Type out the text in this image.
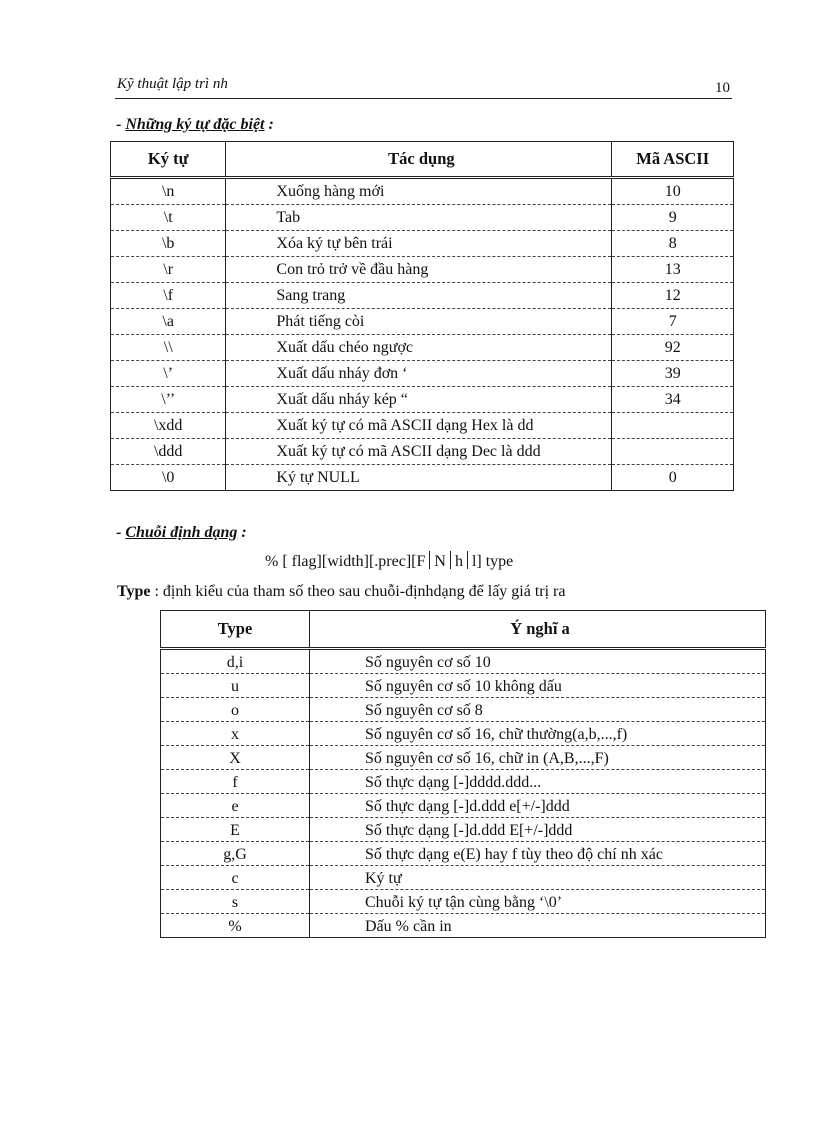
Kỹ thuật lập trì nh	10
- Những ký tự đặc biệt :
Ký tự	Tác dụng	Mã ASCII
\n	Xuống hàng mới	10
\t	Tab	9
\b	Xóa ký tự bên trái	8
\r	Con trỏ trở về đầu hàng	13
\f	Sang trang	12
\a	Phát tiếng còi	7
\\	Xuất dấu chéo ngược	92
\’	Xuất dấu nháy đơn ‘	39
\’’	Xuất dấu nháy kép “	34
\xdd	Xuất ký tự có mã ASCII dạng Hex là dd	
\ddd	Xuất ký tự có mã ASCII dạng Dec là ddd	
\0	Ký tự NULL	0
- Chuỗi định dạng :
% [ flag][width][.prec][F N h l] type
Type : định kiểu của tham số theo sau chuỗi-địnhdạng để lấy giá trị ra
Type	Ý nghĩ a
d,i	Số nguyên cơ số 10
u	Số nguyên cơ số 10 không dấu
o	Số nguyên cơ số 8
x	Số nguyên cơ số 16, chữ thường(a,b,...,f)
X	Số nguyên cơ số 16, chữ in (A,B,...,F)
f	Số thực dạng [-]dddd.ddd...
e	Số thực dạng [-]d.ddd e[+/-]ddd
E	Số thực dạng [-]d.ddd E[+/-]ddd
g,G	Số thực dạng e(E) hay f tùy theo độ chí nh xác
c	Ký tự
s	Chuỗi ký tự tận cùng bằng ‘\0’
%	Dấu % cần in
